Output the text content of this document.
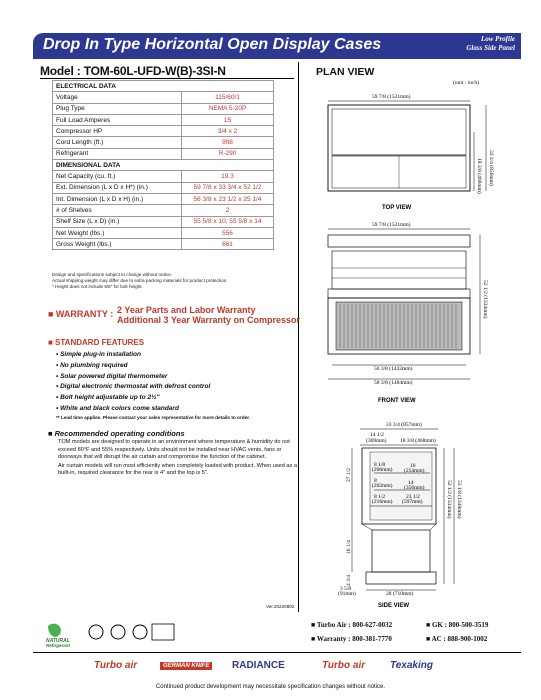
Drop In Type Horizontal Open Display Cases	Low Profile
Glass Side Panel
Model : TOM-60L-UFD-W(B)-3SI-N
ELECTRICAL DATA	
Voltage	115/60/1
Plug Type	NEMA 5-20P
Full Load Amperes	15
Compressor HP	3/4 x 2
Cord Length (ft.)	9ft8
Refrigerant	R-290
DIMENSIONAL DATA	
Net Capacity (cu. ft.)	19.3
Ext. Dimension (L x D x H*) (in.)	59 7/8 x 33 3/4 x 52 1/2
Int. Dimension (L x D x H) (in.)	56 3/8 x 23 1/2 x 25 1/4
# of Shelves	2
Shelf Size (L x D) (in.)	55 5/8 x 10, 55 5/8 x 14
Net Weight (lbs.)	556
Gross Weight (lbs.)	661
Design and specifications subject to change without notice.
Actual shipping weight may differ due to extra packing materials for product protection.
* Height does not include 5/8" for bolt height.
■ WARRANTY : 2 Year Parts and Labor Warranty
Additional 3 Year Warranty on Compressor
■ STANDARD FEATURES
• Simple plug-in installation
• No plumbing required
• Solar powered digital thermometer
• Digital electronic thermostat with defrost control
• Bolt height adjustable up to 2½"
• White and black colors come standard
** Lead time applies. Please contact your sales representative for more details to order.
■ Recommended operating conditions

TOM models are designed to operate in an environment where temperature & humidity do not exceed 80°F and 55% respectively. Units should not be installed near HVAC vents, fans or doorways that will disrupt the air curtain and compromise the function of the cabinet.

Air curtain models will run most efficiently when completely loaded with product. When used as a built-in, required clearance for the rear is 4" and the top is 5".

Ver.20220802
PLAN VIEW
(unit : inch)
59 7/8 (1521mm)
18 3/8 (466mm) 33 3/4 (856mm)
TOP VIEW
59 7/8 (1521mm)
56 3/8 (1432mm)
58 3/8 (1484mm)
52 1/2 (1334mm)
FRONT VIEW
33 3/4 (857mm)
14 1/2
(369mm) 18 3/8 (468mm)
8 1/8
(206mm)
10
(254mm)
14
(356mm)
8
(202mm)
8 1/2
(216mm)
23 1/2
(597mm)
27 1/2
16 1/4
4 3/4
3 5/8
(91mm)
52 1/2 (1334mm) 53 1/8 (1348mm)
28 (710mm)
SIDE VIEW
NATURAL
Refrigerant
■ Turbo Air : 800-627-0032	■ GK : 800-500-3519
■ Warranty : 800-381-7770	■ AC : 888-900-1002
Turbo air	GERMAN KNIFE	RADIANCE	Turbo air Texaking
Continued product development may necessitate specification changes without notice.
